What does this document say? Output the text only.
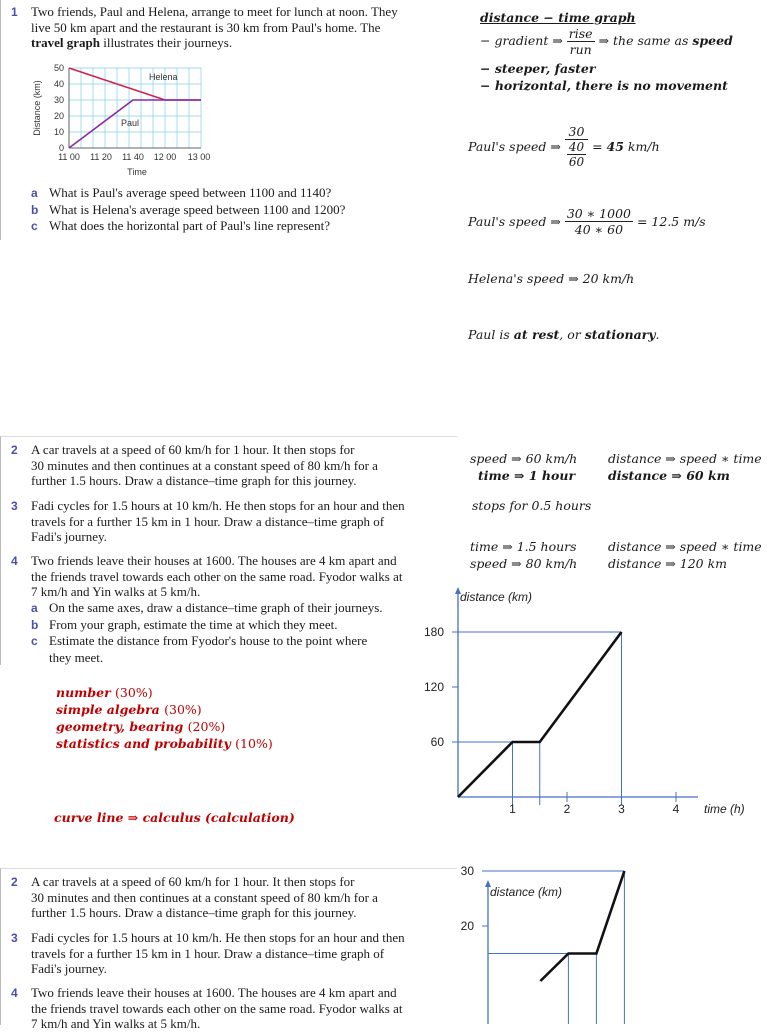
1 Two friends, Paul and Helena, arrange to meet for lunch at noon. They
live 50 km apart and the restaurant is 30 km from Paul's home. The
travel graph illustrates their journeys.
Helena
Paul
0
10
20
30
40
50
11 00 11 20 11 40 12 00 13 00
Time
Distance (km)
a What is Paul's average speed between 1100 and 1140?
b What is Helena's average speed between 1100 and 1200?
c What does the horizontal part of Paul's line represent?
distance − time graph
− gradient ⇒ $\frac{\text{rise}}{\text{run}}$ ⇒ the same as speed
− steeper, faster
− horizontal, there is no movement
Paul's speed ⇒ $\frac{30}{\frac{40}{60}} = 45$ km/h
Paul's speed ⇒ $\frac{30 ∗ 1000}{40 ∗ 60} = 12.5$ m/s
Helena's speed ⇒ 20 km/h
Paul is at rest, or stationary.
2 A car travels at a speed of 60 km/h for 1 hour. It then stops for
30 minutes and then continues at a constant speed of 80 km/h for a
further 1.5 hours. Draw a distance–time graph for this journey.
3 Fadi cycles for 1.5 hours at 10 km/h. He then stops for an hour and then
travels for a further 15 km in 1 hour. Draw a distance–time graph of
Fadi's journey.
4 Two friends leave their houses at 1600. The houses are 4 km apart and
the friends travel towards each other on the same road. Fyodor walks at
7 km/h and Yin walks at 5 km/h.
a On the same axes, draw a distance–time graph of their journeys.
b From your graph, estimate the time at which they meet.
c Estimate the distance from Fyodor's house to the point where
they meet.
speed ⇒ 60 km/h distance ⇒ speed ∗ time
time ⇒ 1 hour	distance ⇒ 60 km
stops for 0.5 hours
time ⇒ 1.5 hours	distance ⇒ speed ∗ time
speed ⇒ 80 km/h distance ⇒ 120 km
number (30%)
simple algebra (30%)
geometry, bearing (20%)
statistics and probability (10%)
curve line ⇒ calculus (calculation)
distance (km)
time (h)
60
120
180
1	2	3	4
2 A car travels at a speed of 60 km/h for 1 hour. It then stops for
30 minutes and then continues at a constant speed of 80 km/h for a
further 1.5 hours. Draw a distance–time graph for this journey.
3 Fadi cycles for 1.5 hours at 10 km/h. He then stops for an hour and then
travels for a further 15 km in 1 hour. Draw a distance–time graph of
Fadi's journey.
4 Two friends leave their houses at 1600. The houses are 4 km apart and
the friends travel towards each other on the same road. Fyodor walks at
7 km/h and Yin walks at 5 km/h.
distance (km)
20
30
